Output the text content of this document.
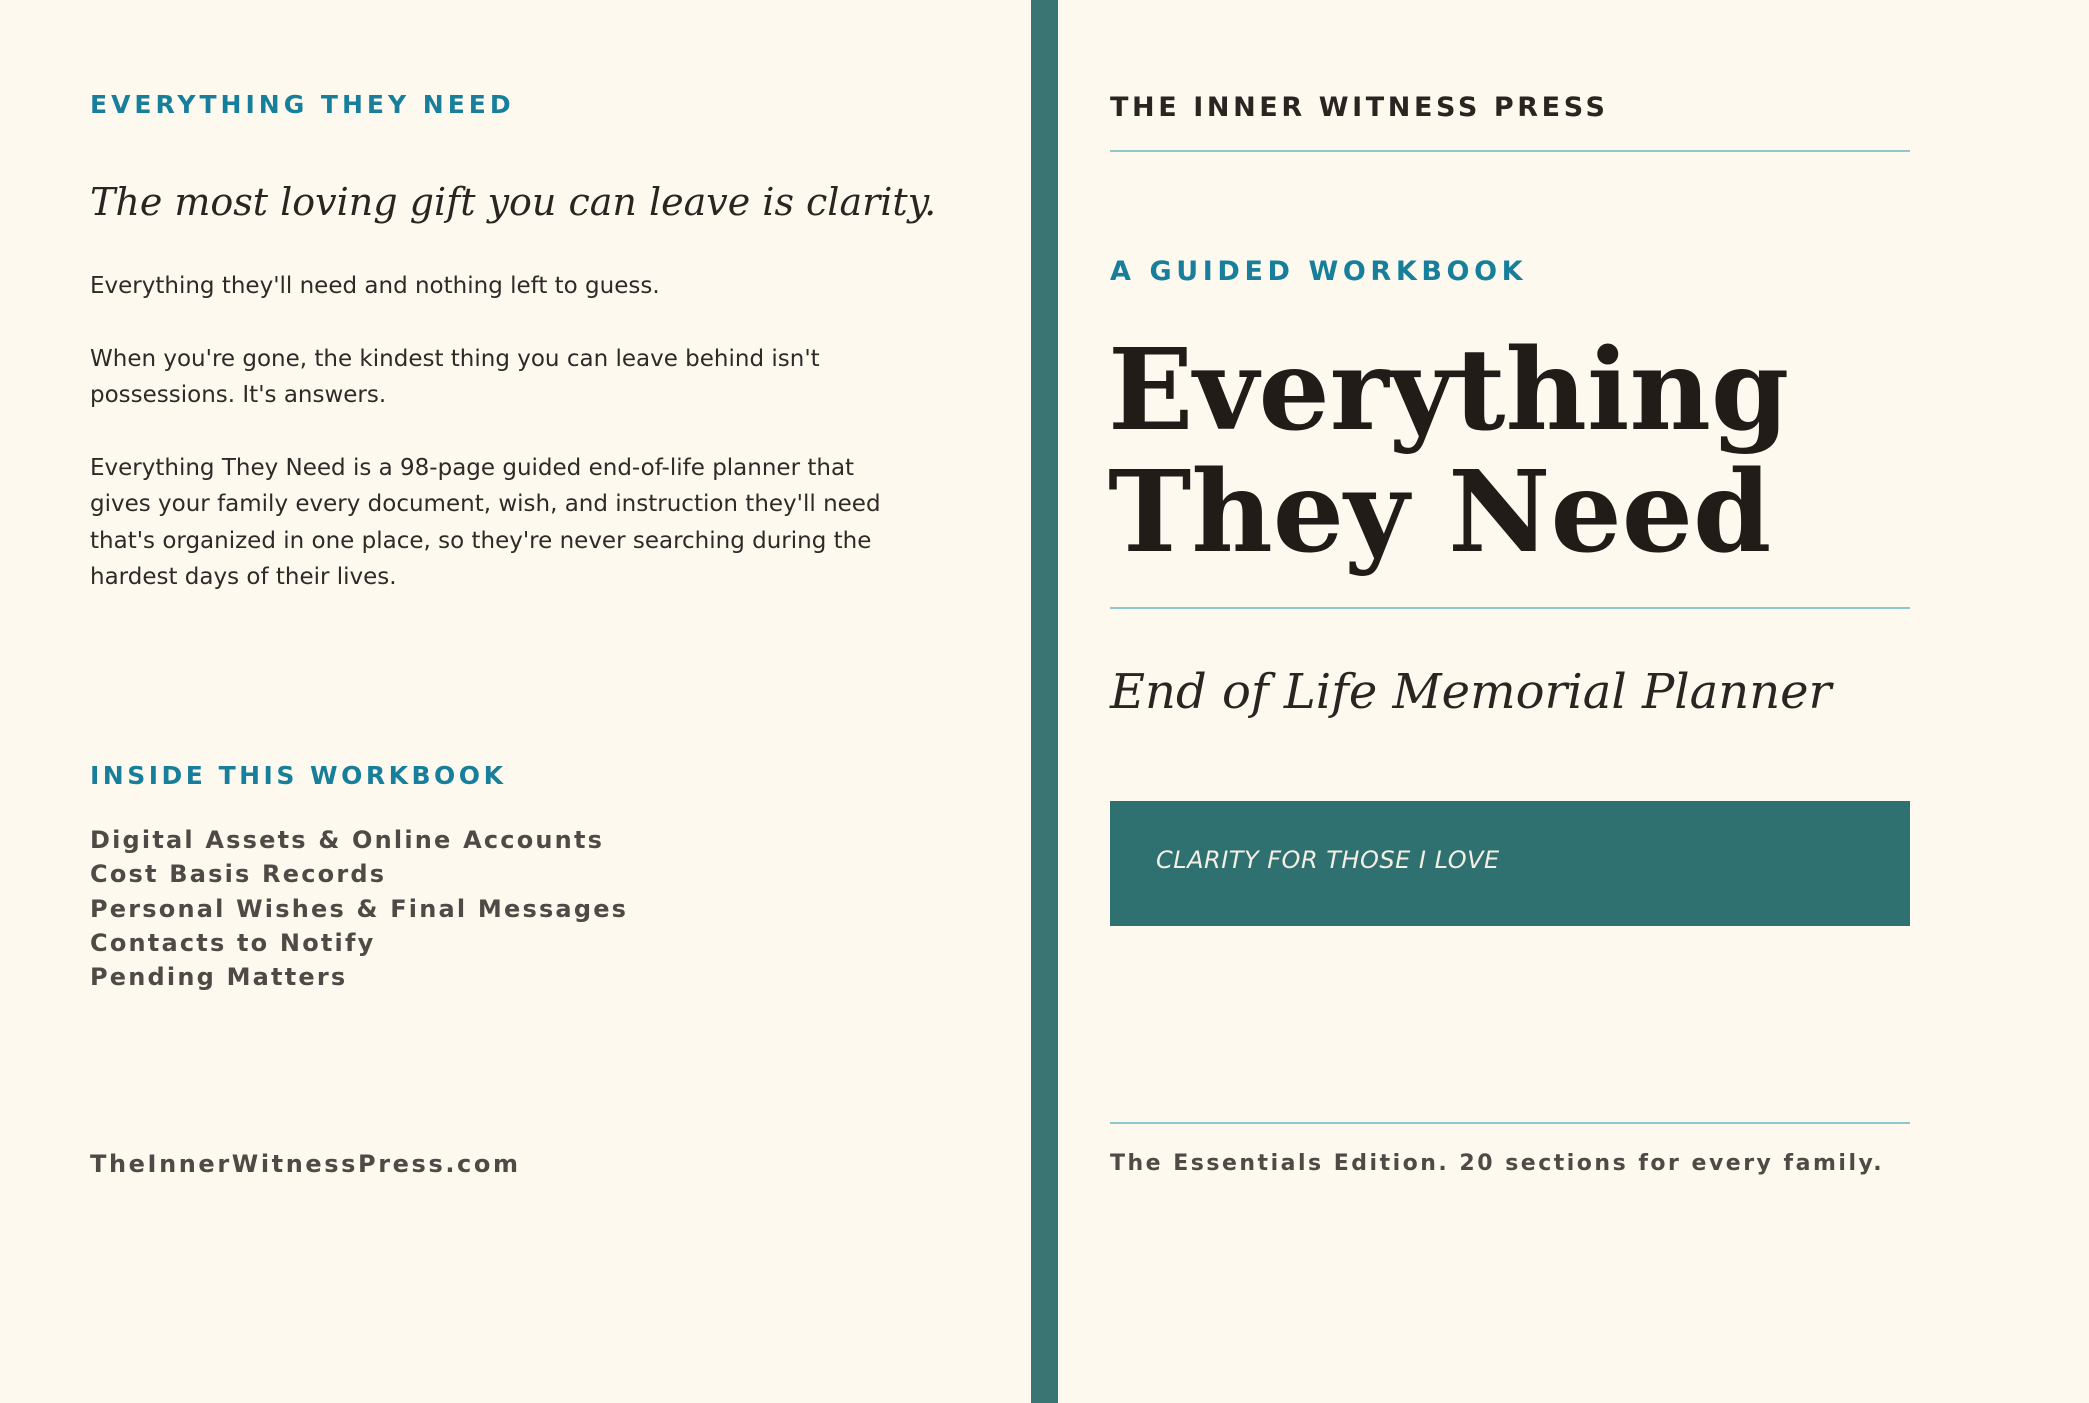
EVERYTHING THEY NEED
The most loving gift you can leave is clarity.

Everything they'll need and nothing left to guess.

When you're gone, the kindest thing you can leave behind isn't possessions. It's answers.

Everything They Need is a 98-page guided end-of-life planner that gives your family every document, wish, and instruction they'll need that's organized in one place, so they're never searching during the hardest days of their lives.

INSIDE THIS WORKBOOK
Digital Assets & Online Accounts
Cost Basis Records
Personal Wishes & Final Messages
Contacts to Notify
Pending Matters
TheInnerWitnessPress.com
THE INNER WITNESS PRESS
A GUIDED WORKBOOK
Everything
They Need
End of Life Memorial Planner
CLARITY FOR THOSE I LOVE
The Essentials Edition. 20 sections for every family.
